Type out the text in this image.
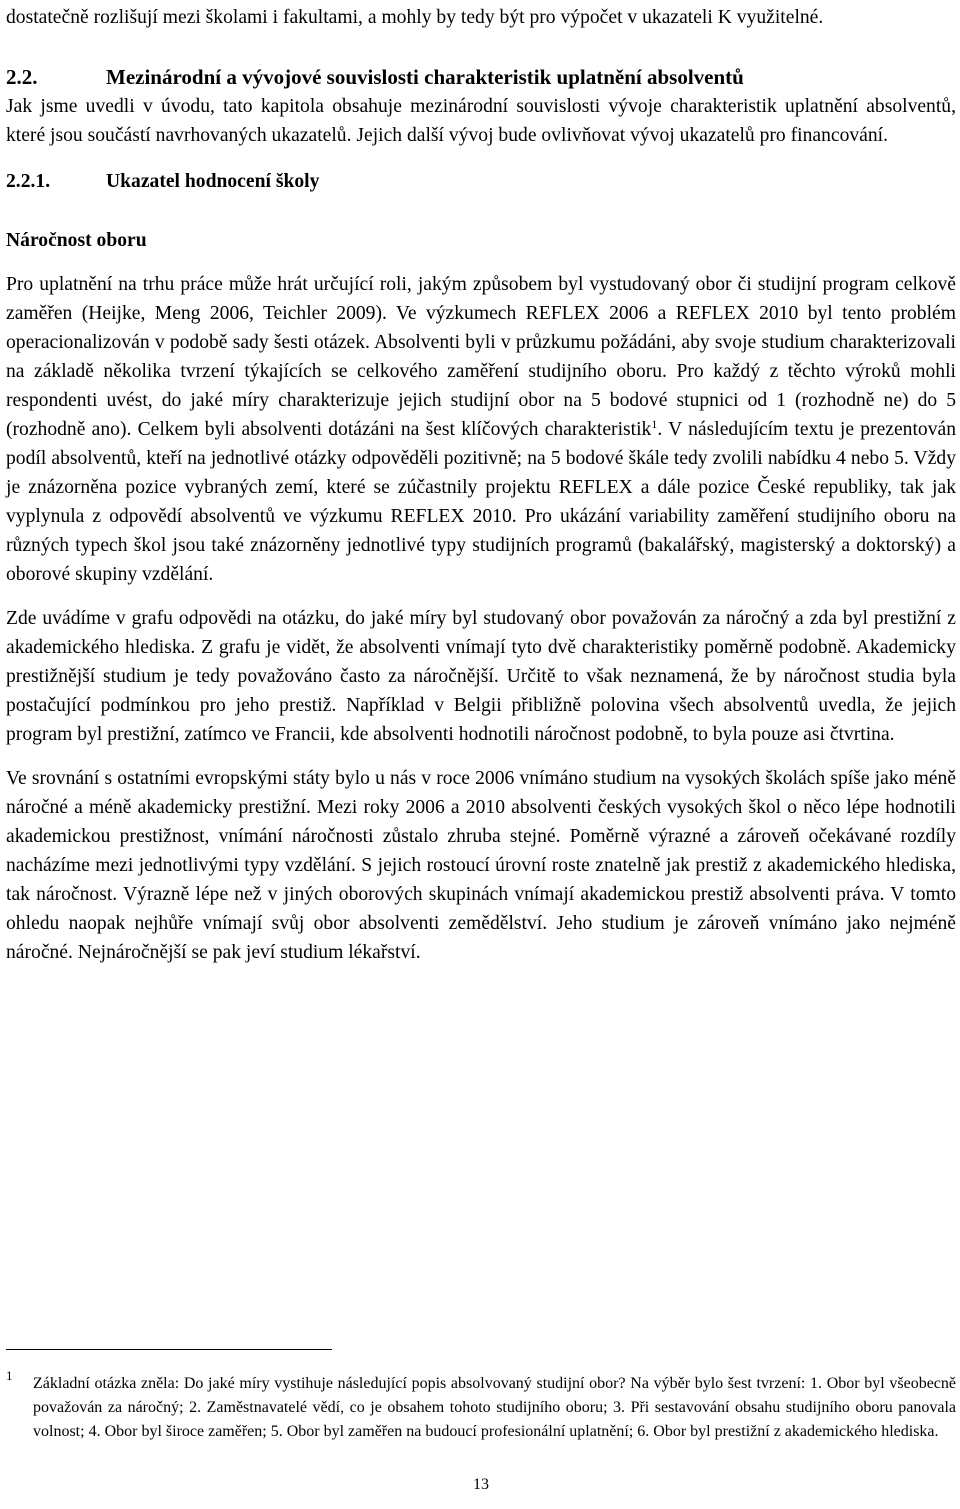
dostatečně rozlišují mezi školami i fakultami, a mohly by tedy být pro výpočet v ukazateli K využitelné.

2.2.	Mezinárodní a vývojové souvislosti charakteristik uplatnění absolventů

Jak jsme uvedli v úvodu, tato kapitola obsahuje mezinárodní souvislosti vývoje charakteristik uplatnění absolventů, které jsou součástí navrhovaných ukazatelů. Jejich další vývoj bude ovlivňovat vývoj ukazatelů pro financování.

2.2.1.	Ukazatel hodnocení školy
Náročnost oboru

Pro uplatnění na trhu práce může hrát určující roli, jakým způsobem byl vystudovaný obor či studijní program celkově zaměřen (Heijke, Meng 2006, Teichler 2009). Ve výzkumech REFLEX 2006 a REFLEX 2010 byl tento problém operacionalizován v podobě sady šesti otázek. Absolventi byli v průzkumu požádáni, aby svoje studium charakterizovali na základě několika tvrzení týkajících se celkového zaměření studijního oboru. Pro každý z těchto výroků mohli respondenti uvést, do jaké míry charakterizuje jejich studijní obor na 5 bodové stupnici od 1 (rozhodně ne) do 5 (rozhodně ano). Celkem byli absolventi dotázáni na šest klíčových charakteristik$^1$. V následujícím textu je prezentován podíl absolventů, kteří na jednotlivé otázky odpověděli pozitivně; na 5 bodové škále tedy zvolili nabídku 4 nebo 5. Vždy je znázorněna pozice vybraných zemí, které se zúčastnily projektu REFLEX a dále pozice České republiky, tak jak vyplynula z odpovědí absolventů ve výzkumu REFLEX 2010. Pro ukázání variability zaměření studijního oboru na různých typech škol jsou také znázorněny jednotlivé typy studijních programů (bakalářský, magisterský a doktorský) a oborové skupiny vzdělání.

Zde uvádíme v grafu odpovědi na otázku, do jaké míry byl studovaný obor považován za náročný a zda byl prestižní z akademického hlediska. Z grafu je vidět, že absolventi vnímají tyto dvě charakteristiky poměrně podobně. Akademicky prestižnější studium je tedy považováno často za náročnější. Určitě to však neznamená, že by náročnost studia byla postačující podmínkou pro jeho prestiž. Například v Belgii přibližně polovina všech absolventů uvedla, že jejich program byl prestižní, zatímco ve Francii, kde absolventi hodnotili náročnost podobně, to byla pouze asi čtvrtina.

Ve srovnání s ostatními evropskými státy bylo u nás v roce 2006 vnímáno studium na vysokých školách spíše jako méně náročné a méně akademicky prestižní. Mezi roky 2006 a 2010 absolventi českých vysokých škol o něco lépe hodnotili akademickou prestižnost, vnímání náročnosti zůstalo zhruba stejné. Poměrně výrazné a zároveň očekávané rozdíly nacházíme mezi jednotlivými typy vzdělání. S jejich rostoucí úrovní roste znatelně jak prestiž z akademického hlediska, tak náročnost. Výrazně lépe než v jiných oborových skupinách vnímají akademickou prestiž absolventi práva. V tomto ohledu naopak nejhůře vnímají svůj obor absolventi zemědělství. Jeho studium je zároveň vnímáno jako nejméně náročné. Nejnáročnější se pak jeví studium lékařství.

1 Základní otázka zněla: Do jaké míry vystihuje následující popis absolvovaný studijní obor? Na výběr bylo šest tvrzení: 1. Obor byl všeobecně považován za náročný; 2. Zaměstnavatelé vědí, co je obsahem tohoto studijního oboru; 3. Při sestavování obsahu studijního oboru panovala volnost; 4. Obor byl široce zaměřen; 5. Obor byl zaměřen na budoucí profesionální uplatnění; 6. Obor byl prestižní z akademického hlediska.
13
